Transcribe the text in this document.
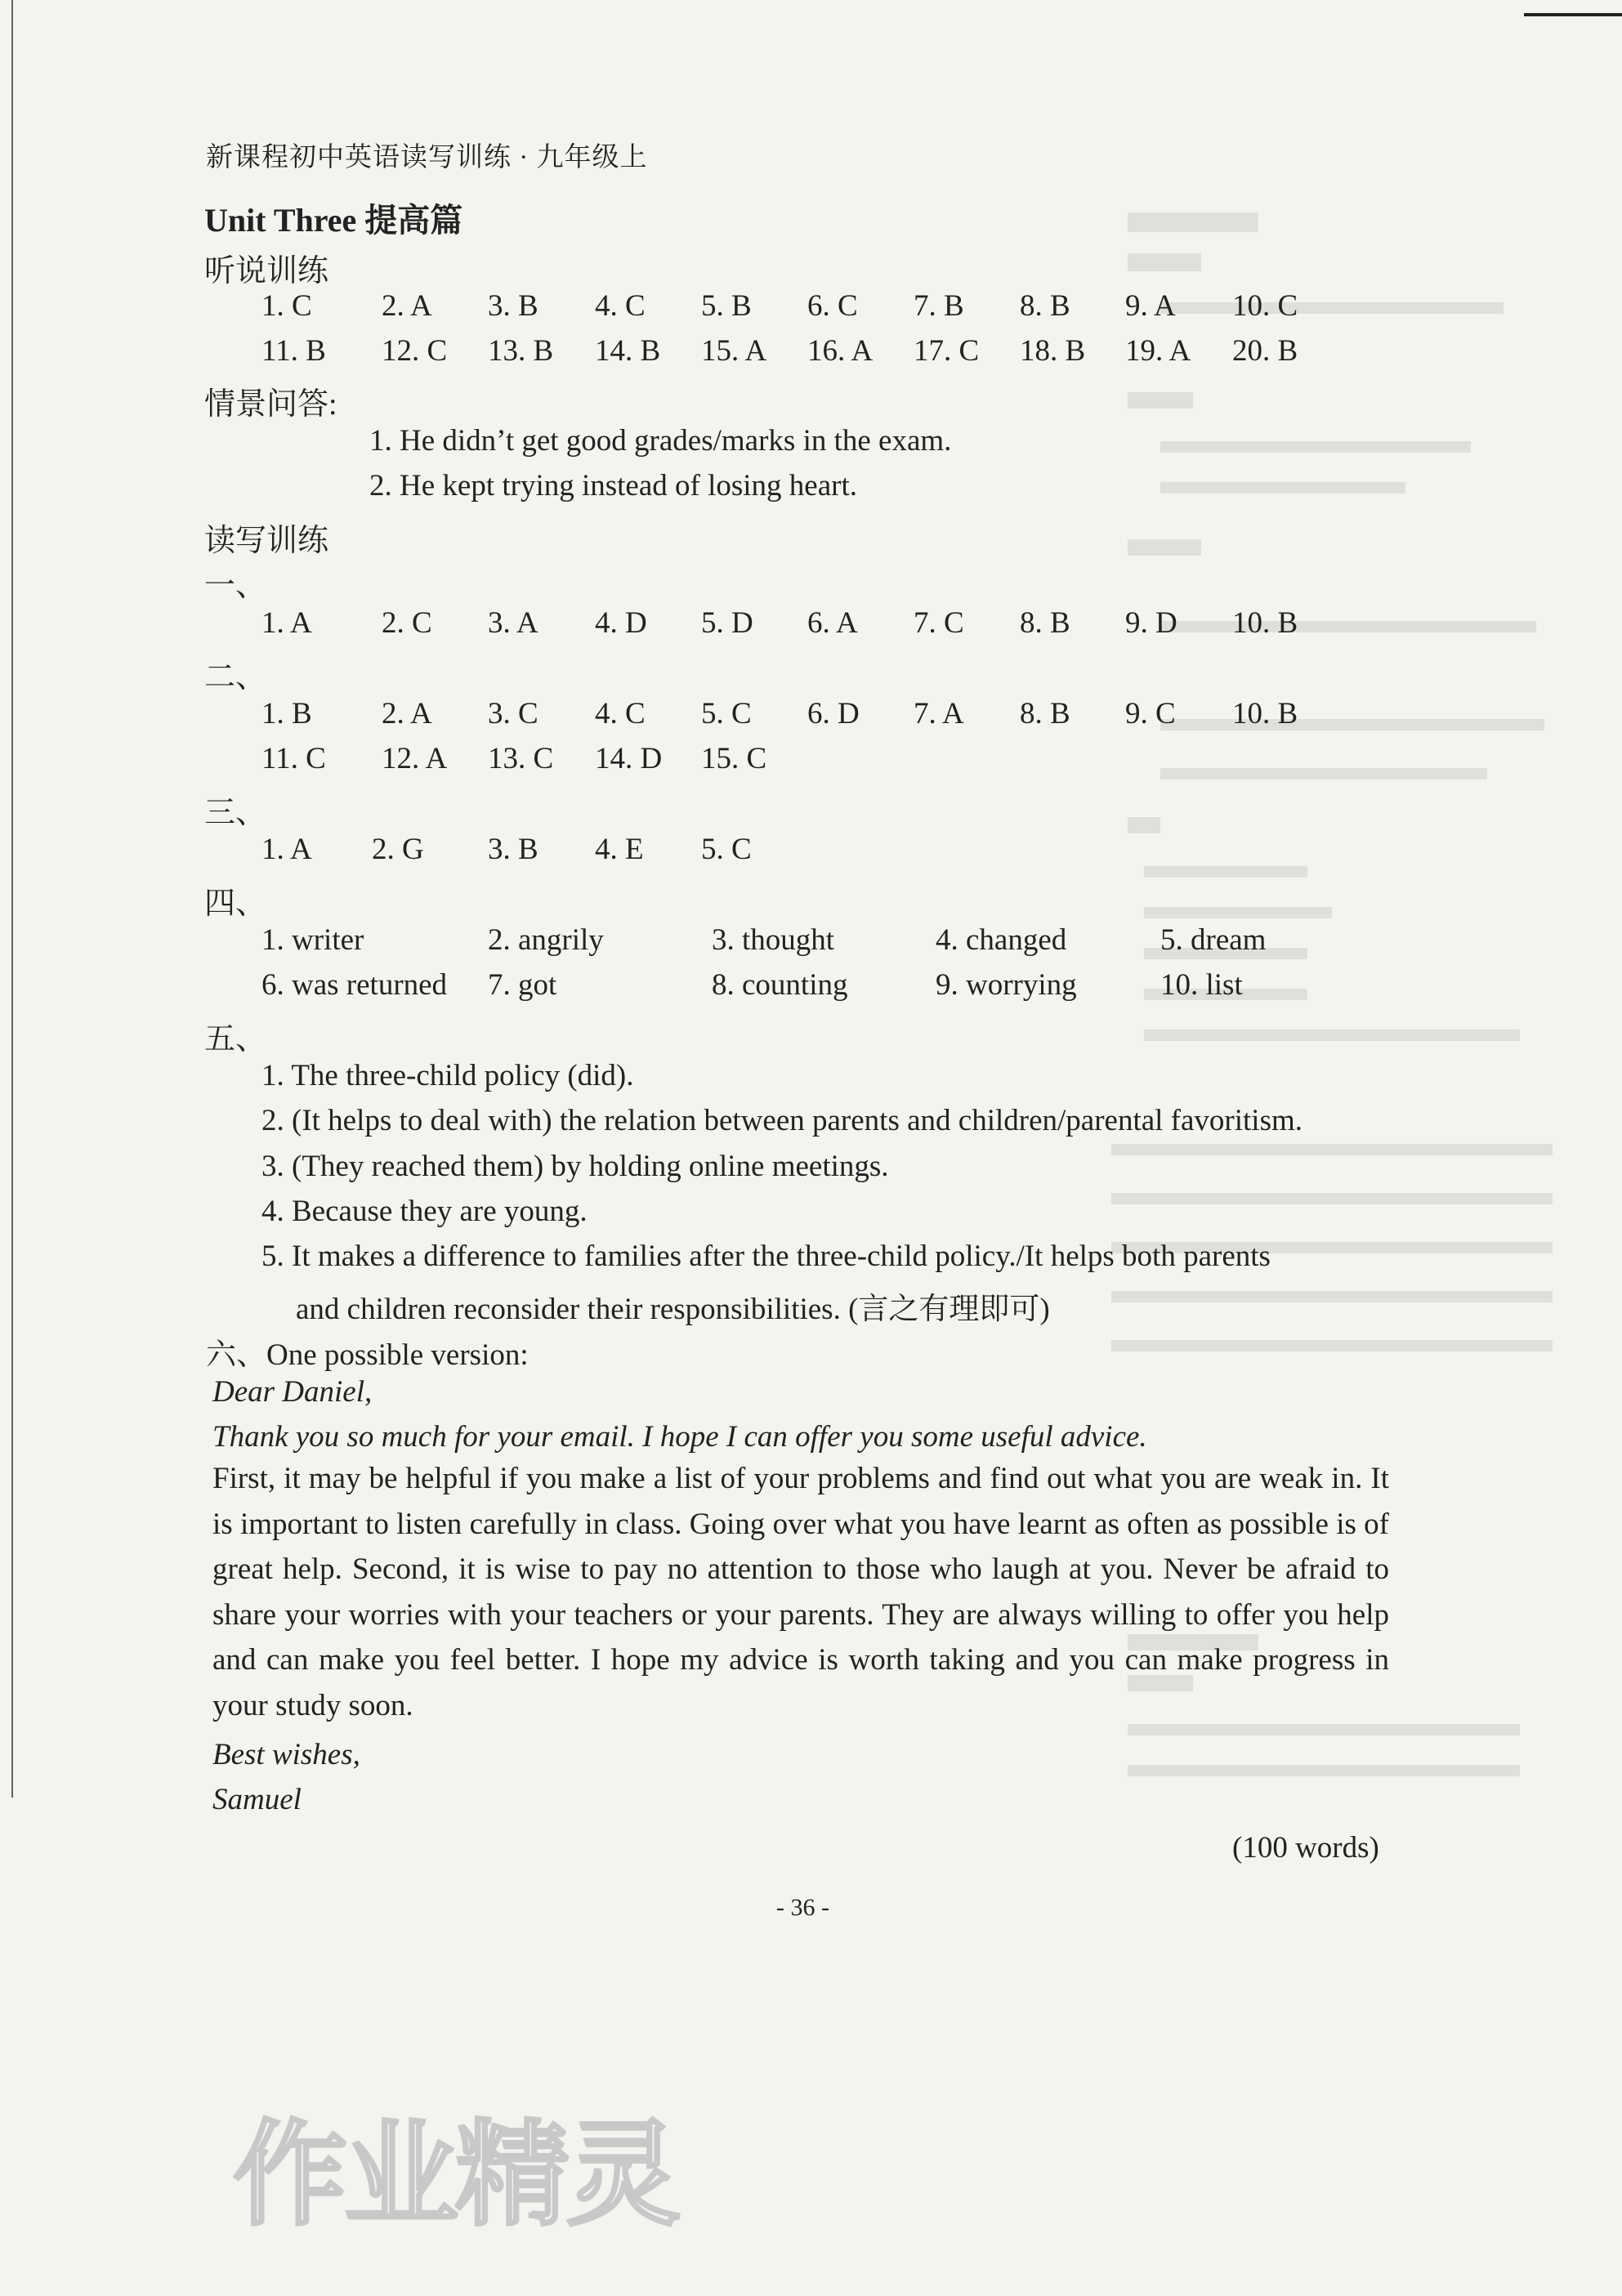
新课程初中英语读写训练 · 九年级上
Unit Three 提高篇
听说训练
1. C 2. A 3. B 4. C 5. B 6. C 7. B 8. B 9. A 10. C
11. B 12. C 13. B 14. B 15. A 16. A 17. C 18. B 19. A 20. B
情景问答:
1. He didn’t get good grades/marks in the exam.
2. He kept trying instead of losing heart.
读写训练
一、
1. A 2. C 3. A 4. D 5. D 6. A 7. C 8. B 9. D 10. B
二、
1. B 2. A 3. C 4. C 5. C 6. D 7. A 8. B 9. C 10. B
11. C 12. A 13. C 14. D 15. C
三、
1. A 2. G 3. B 4. E 5. C
四、
1. writer	2. angrily	3. thought	4. changed	5. dream
6. was returned 7. got	8. counting	9. worrying	10. list
五、
1. The three-child policy (did).
2. (It helps to deal with) the relation between parents and children/parental favoritism.
3. (They reached them) by holding online meetings.
4. Because they are young.
5. It makes a difference to families after the three-child policy./It helps both parents
and children reconsider their responsibilities. (言之有理即可)
六、One possible version:
Dear Daniel,
Thank you so much for your email. I hope I can offer you some useful advice.
First, it may be helpful if you make a list of your problems and find out what you are weak in. It is important to listen carefully in class. Going over what you have learnt as often as possible is of great help. Second, it is wise to pay no attention to those who laugh at you. Never be afraid to share your worries with your teachers or your parents. They are always willing to offer you help and can make you feel better. I hope my advice is worth taking and you can make progress in your study soon.
Best wishes,
Samuel
(100 words)
- 36 -
作业精灵
